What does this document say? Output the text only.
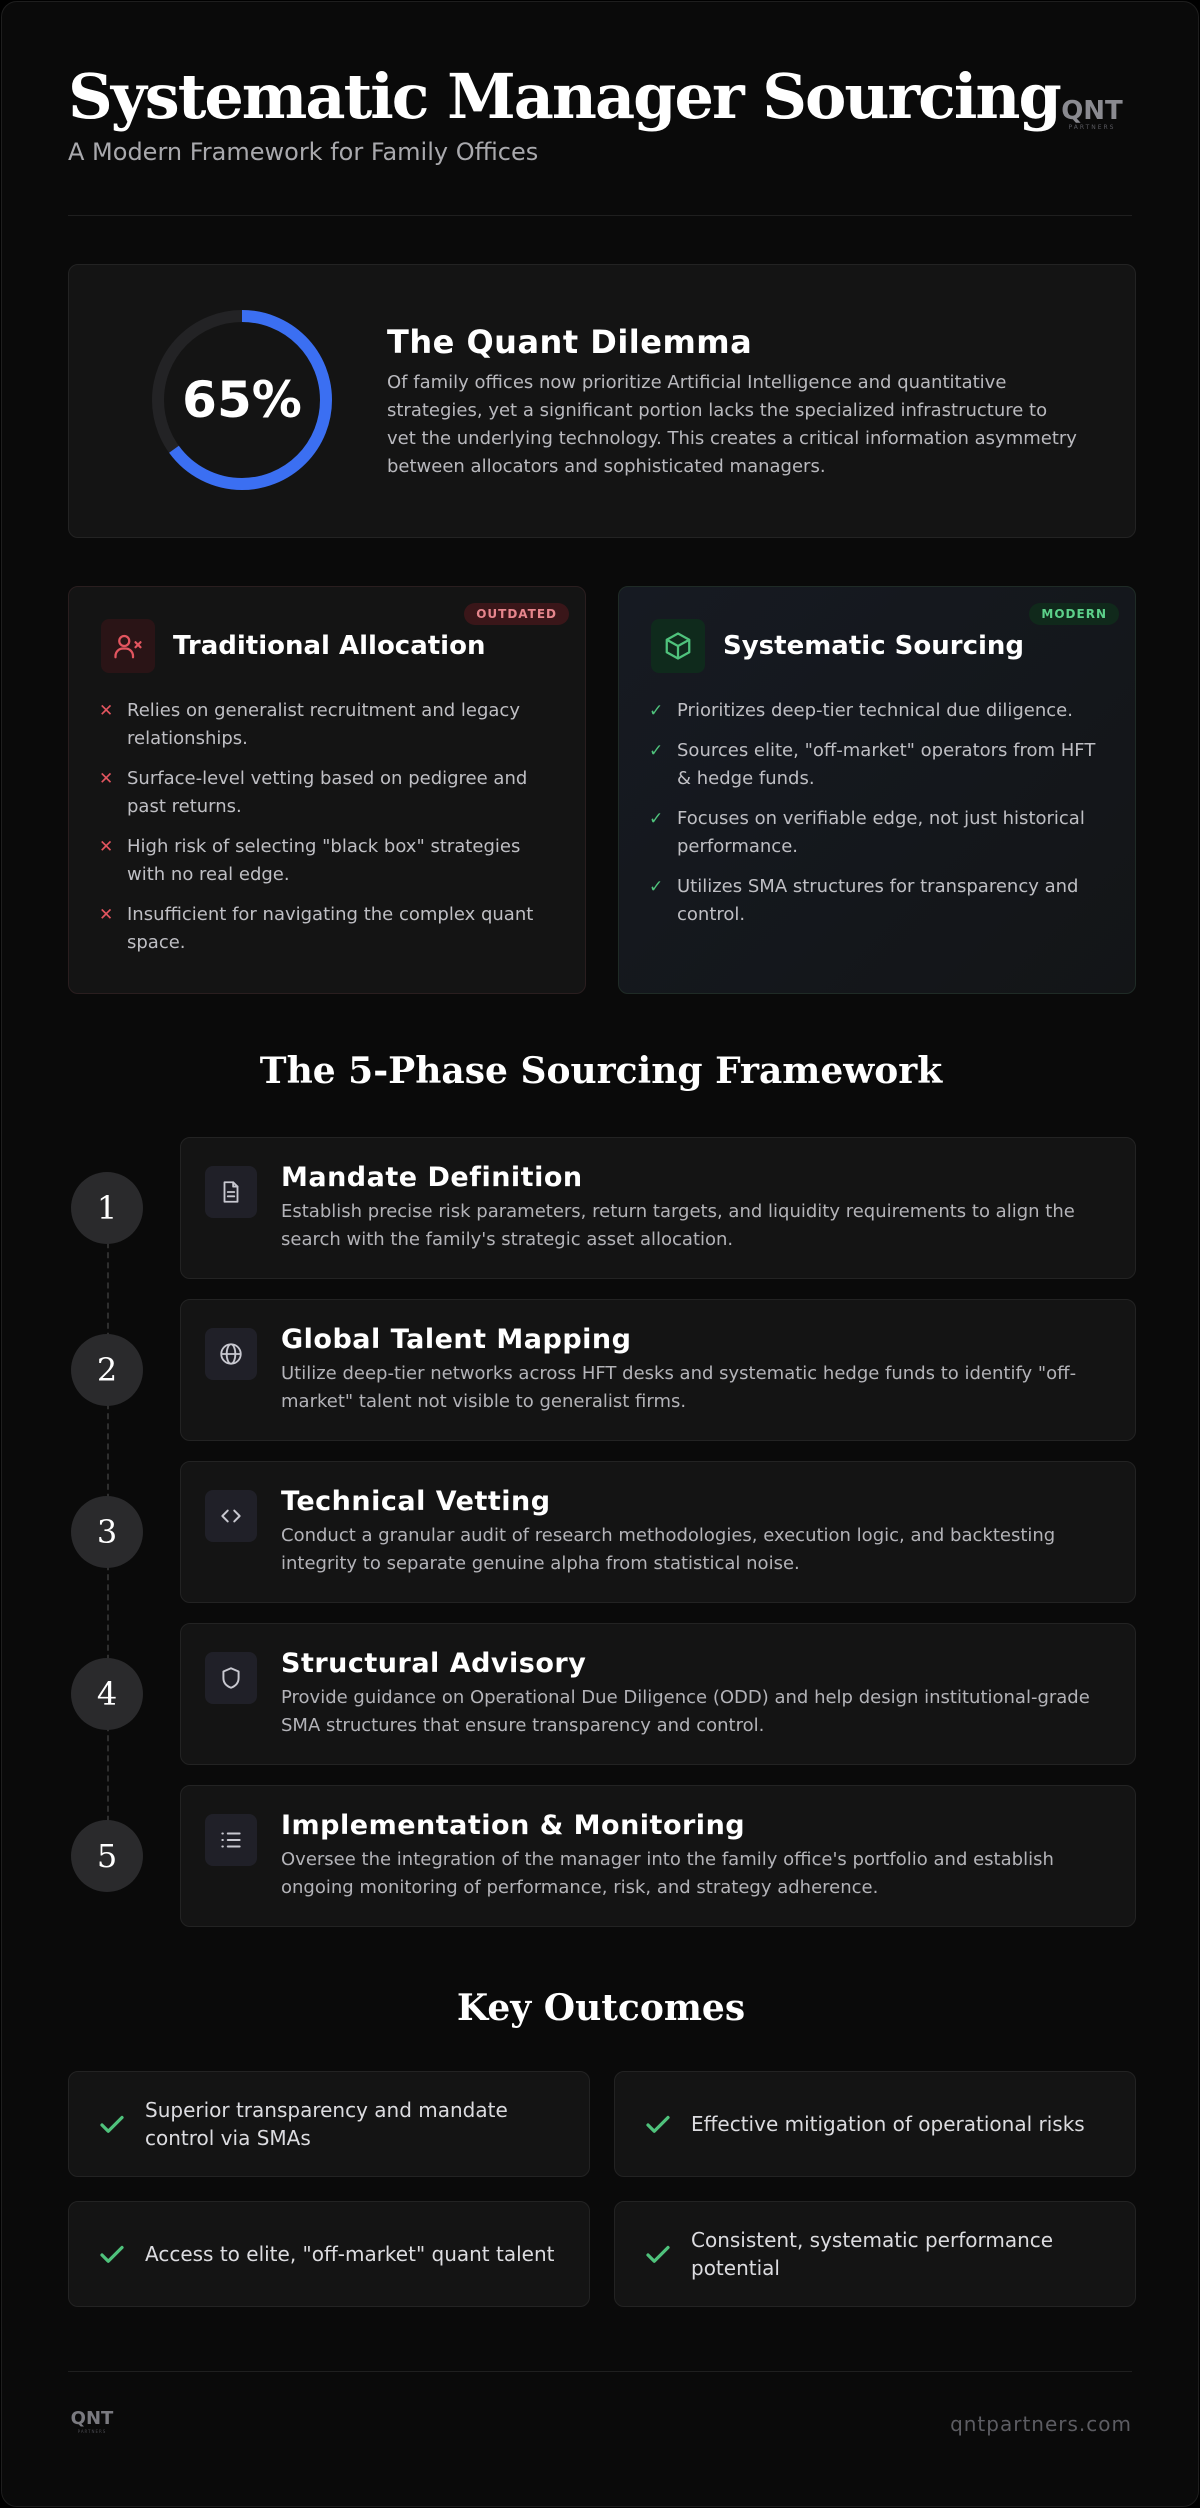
Systematic Manager Sourcing
A Modern Framework for Family Offices
QNT
PARTNERS
65%
The Quant Dilemma
Of family offices now prioritize Artificial Intelligence and quantitative strategies, yet a significant portion lacks the specialized infrastructure to vet the underlying technology. This creates a critical information asymmetry between allocators and sophisticated managers.
OUTDATED
Traditional Allocation
✕ Relies on generalist recruitment and legacy relationships.
✕ Surface-level vetting based on pedigree and past returns.
✕ High risk of selecting "black box" strategies with no real edge.
✕ Insufficient for navigating the complex quant space.
MODERN
Systematic Sourcing
✓ Prioritizes deep-tier technical due diligence.
✓ Sources elite, "off-market" operators from HFT & hedge funds.
✓ Focuses on verifiable edge, not just historical performance.
✓ Utilizes SMA structures for transparency and control.
The 5-Phase Sourcing Framework
1
Mandate Definition
Establish precise risk parameters, return targets, and liquidity requirements to align the search with the family's strategic asset allocation.
2
Global Talent Mapping
Utilize deep-tier networks across HFT desks and systematic hedge funds to identify "off-market" talent not visible to generalist firms.
3
Technical Vetting
Conduct a granular audit of research methodologies, execution logic, and backtesting integrity to separate genuine alpha from statistical noise.
4
Structural Advisory
Provide guidance on Operational Due Diligence (ODD) and help design institutional-grade SMA structures that ensure transparency and control.
5
Implementation & Monitoring
Oversee the integration of the manager into the family office's portfolio and establish ongoing monitoring of performance, risk, and strategy adherence.
Key Outcomes
Superior transparency and mandate control via SMAs
Effective mitigation of operational risks
Access to elite, "off-market" quant talent
Consistent, systematic performance potential
QNT
PARTNERS	qntpartners.com
